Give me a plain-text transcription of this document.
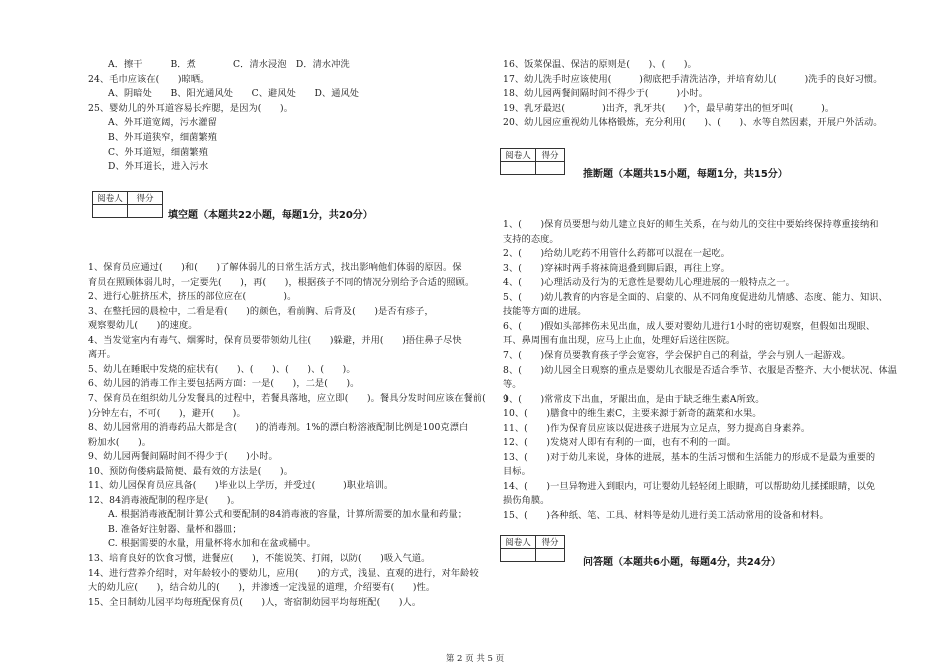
A．擦干　　　B．煮　　　　C．清水浸泡　D．清水冲洗
24、毛巾应该在(　　)晾晒。
A、阴暗处　　B、阳光通风处　　C、避风处　　D、通风处
25、婴幼儿的外耳道容易长痄腮，是因为(　　)。
A、外耳道宽阔，污水灌留
B、外耳道狭窄，细菌繁殖
C、外耳道短，细菌繁殖
D、外耳道长，进入污水
阅卷人	得分

填空题（本题共22小题，每题1分，共20分）
1、保育员应通过(　　)和(　　)了解体弱儿的日常生活方式，找出影响他们体弱的原因。保
育员在照顾体弱儿时，一定要先(　　)，再(　　)，根据孩子不同的情况分别给予合适的照顾。
2、进行心脏挤压术，挤压的部位应在(　　　　)。
3、在整托园的晨检中，二看是看(　　)的颜色，看前胸、后背及(　　)是否有疹子，
观察婴幼儿(　　)的速度。
4、当发觉室内有毒气、烟雾时，保育员要带领幼儿往(　　)躲避，并用(　　)捂住鼻子尽快
离开。
5、幼儿在睡眠中发烧的症状有(　　)、(　　)、(　　)、(　　)。
6、幼儿园的消毒工作主要包括两方面：一是(　　)，二是(　　)。
7、保育员在组织幼儿分发餐具的过程中，若餐具落地，应立即(　　)。餐具分发时间应该在餐前(　　)
)分钟左右，不可(　　)，避开(　　)。
8、幼儿园常用的消毒药品大都是含(　　)的消毒剂。1%的漂白粉溶液配制比例是100克漂白
粉加水(　　)。
9、幼儿园两餐间隔时间不得少于(　　)小时。
10、预防佝偻病最简便、最有效的方法是(　　)。
11、幼儿园保育员应具备(　　)毕业以上学历，并受过(　　　)职业培训。
12、84消毒液配制的程序是(　　)。
A. 根据消毒液配制计算公式和要配制的84消毒液的容量，计算所需要的加水量和药量；
B. 准备好注射器、量杯和器皿；
C. 根据需要的水量，用量杯将水加和在盆或桶中。
13、培育良好的饮食习惯，进餐应(　　)，不能说笑、打闹，以防(　　)吸入气道。
14、进行营养介绍时，对年龄较小的婴幼儿，应用(　　)的方式，浅显、直观的进行，对年龄较
大的幼儿应(　　)，结合幼儿的(　　)，并渗透一定浅显的道理，介绍要有(　　)性。
15、全日制幼儿园平均每班配保育员(　　)人，寄宿制幼园平均每班配(　　)人。
16、饭菜保温、保洁的原则是(　　)、(　　)。
17、幼儿洗手时应该使用(　　　)彻底把手清洗洁净，并培育幼儿(　　　)洗手的良好习惯。
18、幼儿园两餐间隔时间不得少于(　　　)小时。
19、乳牙最迟(　　　　)出齐，乳牙共(　　)个，最早萌芽出的恒牙叫(　　　)。
20、幼儿园应重视幼儿体格锻炼，充分利用(　　)、(　　)、水等自然因素，开展户外活动。
阅卷人	得分

推断题（本题共15小题，每题1分，共15分）
1、(　　)保育员要想与幼儿建立良好的师生关系，在与幼儿的交往中要始终保持尊重接纳和
支持的态度。
2、(　　)给幼儿吃药不用管什么药都可以混在一起吃。
3、(　　)穿袜时两手将袜筒退叠到脚后跟，再往上穿。
4、(　　)心理活动及行为的无意性是婴幼儿心理进展的一般特点之一。
5、(　　)幼儿教育的内容是全面的、启蒙的、从不同角度促进幼儿情感、态度、能力、知识、
技能等方面的进展。
6、(　　)假如头部摔伤未见出血，成人要对婴幼儿进行1小时的密切观察，但假如出现眼、
耳、鼻周围有血出现，应马上止血，处理好后送往医院。
7、(　　)保育员要教育孩子学会宽容，学会保护自己的利益，学会与别人一起游戏。
8、(　　)幼儿园全日观察的重点是婴幼儿衣服是否适合季节、衣服是否整齐、大小便状况、体温
等。
9、(　　)常常皮下出血，牙龈出血，是由于缺乏维生素A所致。
10、(　　)膳食中的维生素C，主要来源于新奇的蔬菜和水果。
11、(　　)作为保育员应该以促进孩子进展为立足点，努力提高自身素养。
12、(　　)发烧对人即有有利的一面，也有不利的一面。
13、(　　)对于幼儿来说，身体的进展，基本的生活习惯和生活能力的形成不是最为重要的
目标。
14、(　　)一旦异物进入到眼内，可让婴幼儿轻轻闭上眼睛，可以帮助幼儿揉揉眼睛，以免
损伤角膜。
15、(　　)各种纸、笔、工具、材料等是幼儿进行美工活动常用的设备和材料。
阅卷人	得分

问答题（本题共6小题，每题4分，共24分）
第 2 页 共 5 页
